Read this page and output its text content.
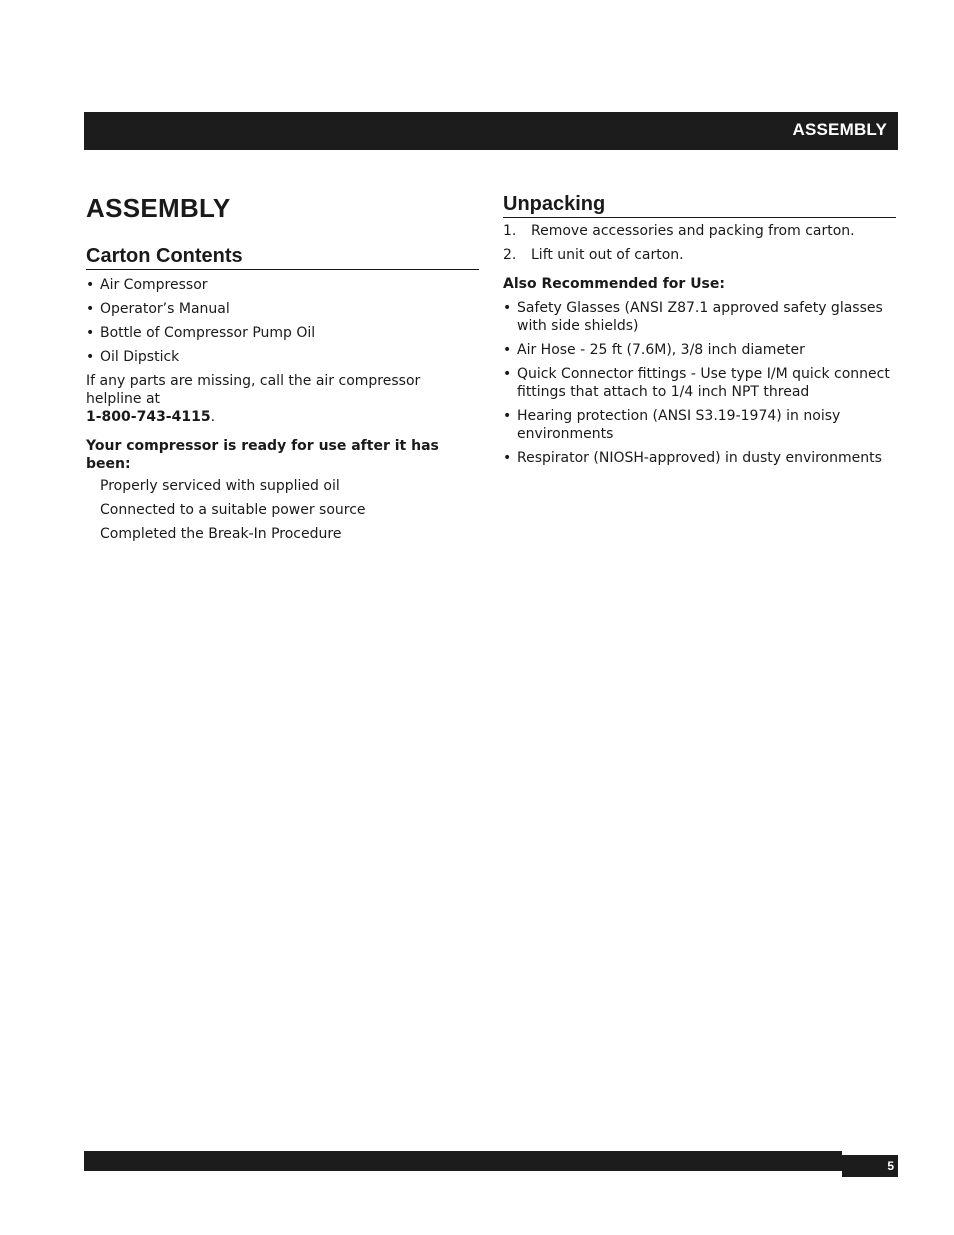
ASSEMBLY
ASSEMBLY
Carton Contents
• Air Compressor
• Operator’s Manual
• Bottle of Compressor Pump Oil
• Oil Dipstick

If any parts are missing, call the air compressor helpline at
1-800-743-4115.

Your compressor is ready for use after it has been:

Properly serviced with supplied oil
Connected to a suitable power source
Completed the Break-In Procedure
Unpacking
1. Remove accessories and packing from carton.
2. Lift unit out of carton.

Also Recommended for Use:

• Safety Glasses (ANSI Z87.1 approved safety glasses with side shields)
• Air Hose - 25 ft (7.6M), 3/8 inch diameter
• Quick Connector fittings - Use type I/M quick connect fittings that attach to 1/4 inch NPT thread
• Hearing protection (ANSI S3.19-1974) in noisy environments
• Respirator (NIOSH-approved) in dusty environments
5
